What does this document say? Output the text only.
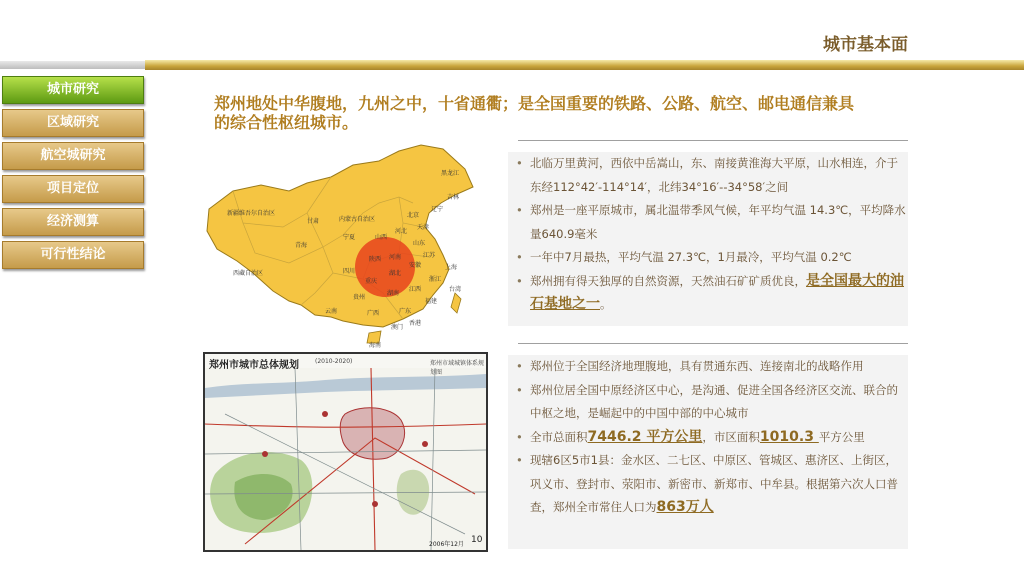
城市基本面
城市研究
区域研究
航空城研究
项目定位
经济测算
可行性结论
郑州地处中华腹地，九州之中，十省通衢；是全国重要的铁路、公路、航空、邮电通信兼具
的综合性枢纽城市。
黑龙江
吉林
辽宁
内蒙古自治区
新疆维吾尔自治区
甘肃
宁夏
北京
天津
河北
山西
山东
陕西 河南
青海
西藏自治区	四川	湖北
安徽
江苏
上海
浙江
重庆
湖南
江西
福建
贵州
云南	广西	广东
台湾
香港
澳门
海南
郑州市城市总体规划	(2010-2020)	郑州市域城镇体系规划图
2006年12月 10
• 北临万里黄河，西依中岳嵩山，东、南接黄淮海大平原，山水相连，介于东经112°42′-114°14′，北纬34°16′--34°58′之间
• 郑州是一座平原城市，属北温带季风气候，年平均气温 14.3℃，平均降水量640.9毫米
• 一年中7月最热，平均气温 27.3℃，1月最冷，平均气温 0.2℃
• 郑州拥有得天独厚的自然资源，天然油石矿矿质优良，是全国最大的油石基地之一。
• 郑州位于全国经济地理腹地，具有贯通东西、连接南北的战略作用
• 郑州位居全国中原经济区中心，是沟通、促进全国各经济区交流、联合的中枢之地，是崛起中的中国中部的中心城市
• 全市总面积7446.2 平方公里，市区面积1010.3 平方公里
• 现辖6区5市1县：金水区、二七区、中原区、管城区、惠济区、上街区，巩义市、登封市、荥阳市、新密市、新郑市、中牟县。根据第六次人口普查，郑州全市常住人口为863万人
